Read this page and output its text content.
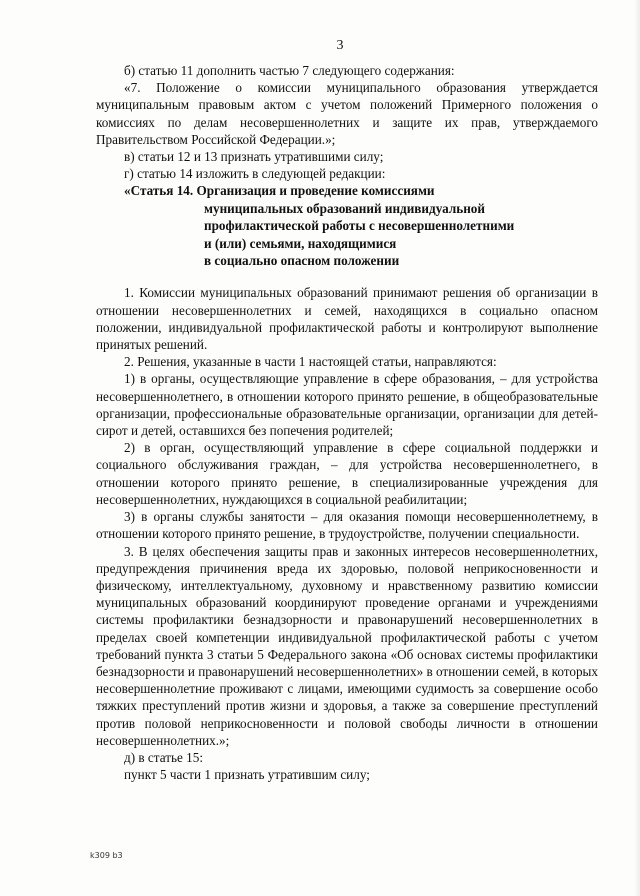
3

б) статью 11 дополнить частью 7 следующего содержания:

«7. Положение о комиссии муниципального образования утверждается муниципальным правовым актом с учетом положений Примерного положения о комиссиях по делам несовершеннолетних и защите их прав, утверждаемого Правительством Российской Федерации.»;

в) статьи 12 и 13 признать утратившими силу;

г) статью 14 изложить в следующей редакции:

«Статья 14. Организация и проведение комиссиями

муниципальных образований индивидуальной
профилактической работы с несовершеннолетними
и (или) семьями, находящимися
в социально опасном положении

1. Комиссии муниципальных образований принимают решения об организации в отношении несовершеннолетних и семей, находящихся в социально опасном положении, индивидуальной профилактической работы и контролируют выполнение принятых решений.

2. Решения, указанные в части 1 настоящей статьи, направляются:

1) в органы, осуществляющие управление в сфере образования, – для устройства несовершеннолетнего, в отношении которого принято решение, в общеобразовательные организации, профессиональные образовательные организации, организации для детей-сирот и детей, оставшихся без попечения родителей;

2) в орган, осуществляющий управление в сфере социальной поддержки и социального обслуживания граждан, – для устройства несовершеннолетнего, в отношении которого принято решение, в специализированные учреждения для несовершеннолетних, нуждающихся в социальной реабилитации;

3) в органы службы занятости – для оказания помощи несовершеннолетнему, в отношении которого принято решение, в трудоустройстве, получении специальности.

3. В целях обеспечения защиты прав и законных интересов несовершеннолетних, предупреждения причинения вреда их здоровью, половой неприкосновенности и физическому, интеллектуальному, духовному и нравственному развитию комиссии муниципальных образований координируют проведение органами и учреждениями системы профилактики безнадзорности и правонарушений несовершеннолетних в пределах своей компетенции индивидуальной профилактической работы с учетом требований пункта 3 статьи 5 Федерального закона «Об основах системы профилактики безнадзорности и правонарушений несовершеннолетних» в отношении семей, в которых несовершеннолетние проживают с лицами, имеющими судимость за совершение особо тяжких преступлений против жизни и здоровья, а также за совершение преступлений против половой неприкосновенности и половой свободы личности в отношении несовершеннолетних.»;

д) в статье 15:

пункт 5 части 1 признать утратившим силу;

k309 b3
